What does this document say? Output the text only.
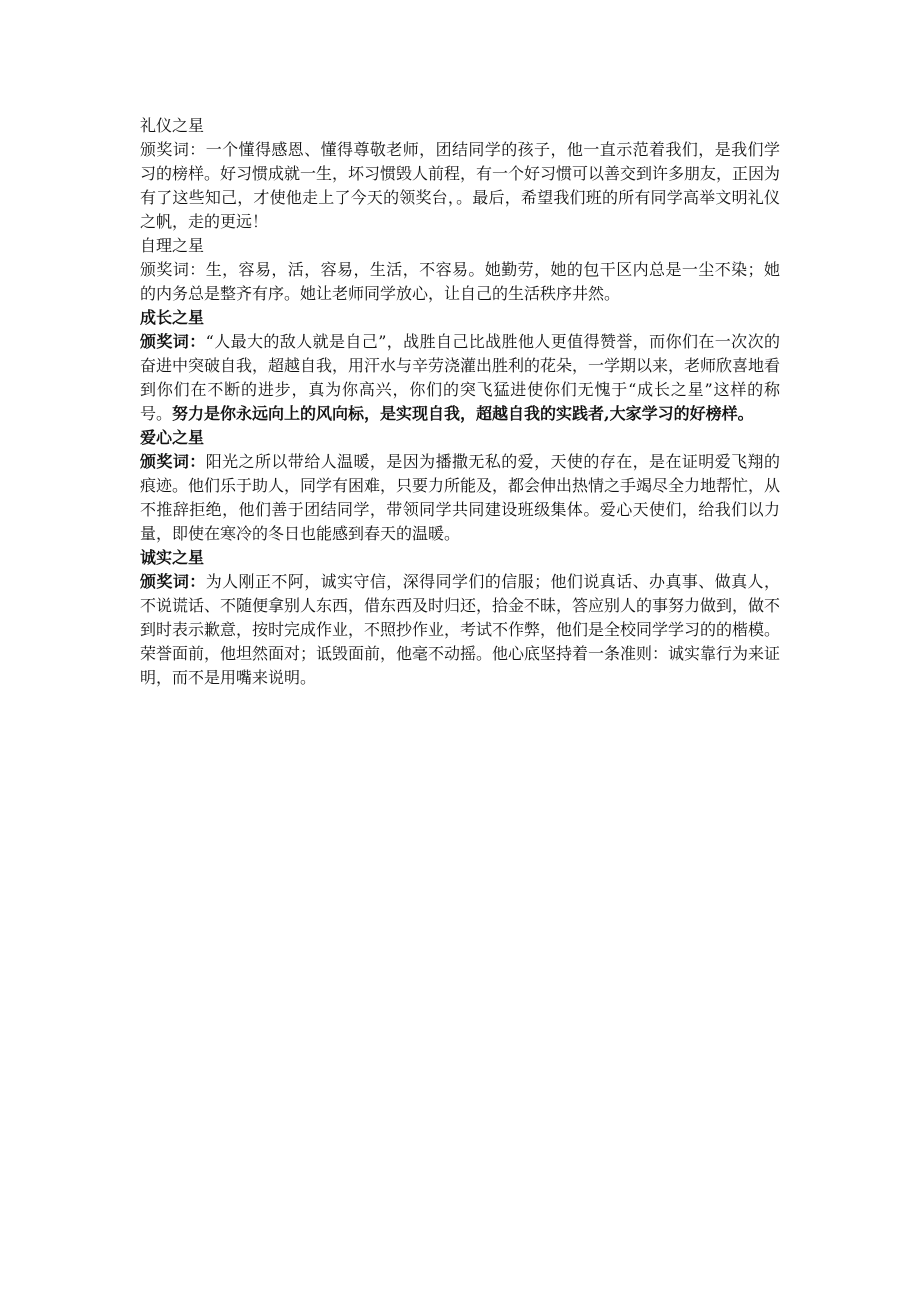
礼仪之星

颁奖词：一个懂得感恩、懂得尊敬老师，团结同学的孩子，他一直示范着我们，是我们学习的榜样。好习惯成就一生，坏习惯毁人前程，有一个好习惯可以善交到许多朋友，正因为有了这些知己，才使他走上了今天的领奖台，。最后，希望我们班的所有同学高举文明礼仪之帆，走的更远！

自理之星

颁奖词：生，容易，活，容易，生活，不容易。她勤劳，她的包干区内总是一尘不染；她的内务总是整齐有序。她让老师同学放心，让自己的生活秩序井然。

成长之星

颁奖词：“人最大的敌人就是自己”，战胜自己比战胜他人更值得赞誉，而你们在一次次的奋进中突破自我，超越自我，用汗水与辛劳浇灌出胜利的花朵，一学期以来，老师欣喜地看到你们在不断的进步，真为你高兴，你们的突飞猛进使你们无愧于“成长之星”这样的称号。努力是你永远向上的风向标，是实现自我，超越自我的实践者,大家学习的好榜样。

爱心之星

颁奖词：阳光之所以带给人温暖，是因为播撒无私的爱，天使的存在，是在证明爱飞翔的痕迹。他们乐于助人，同学有困难，只要力所能及，都会伸出热情之手竭尽全力地帮忙，从不推辞拒绝，他们善于团结同学，带领同学共同建设班级集体。爱心天使们，给我们以力量，即使在寒冷的冬日也能感到春天的温暖。

诚实之星

颁奖词：为人刚正不阿，诚实守信，深得同学们的信服；他们说真话、办真事、做真人，不说谎话、不随便拿别人东西，借东西及时归还，拾金不昧，答应别人的事努力做到，做不到时表示歉意，按时完成作业，不照抄作业，考试不作弊，他们是全校同学学习的的楷模。荣誉面前，他坦然面对；诋毁面前，他毫不动摇。他心底坚持着一条准则：诚实靠行为来证明，而不是用嘴来说明。
